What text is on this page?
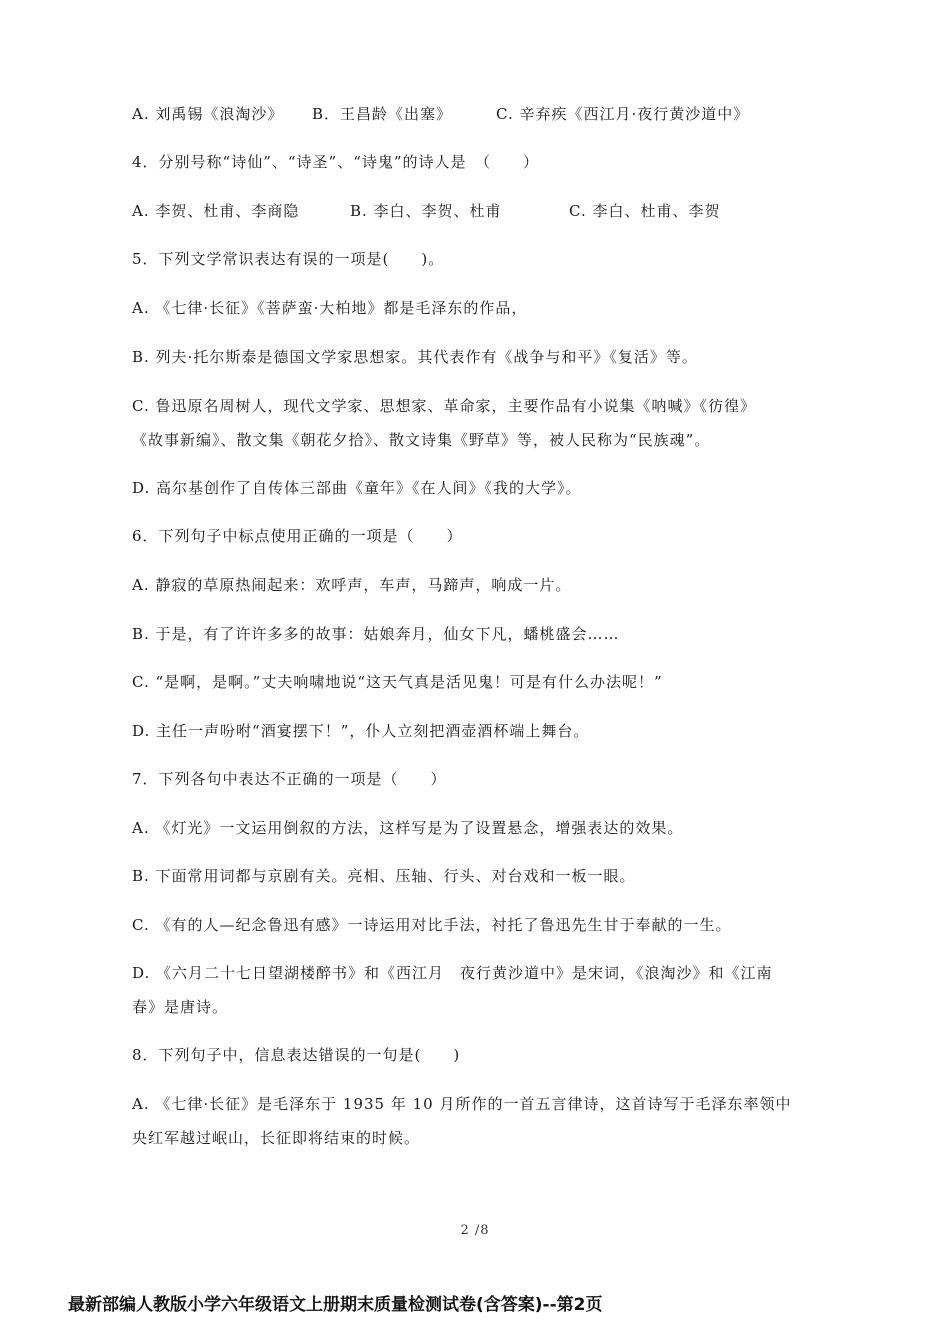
A. 刘禹锡《浪淘沙》 B．王昌龄《出塞》	C. 辛弃疾《西江月·夜行黄沙道中》
4．分别号称“诗仙”、“诗圣”、“诗鬼”的诗人是　（　　）
A. 李贺、杜甫、李商隐	B. 李白、李贺、杜甫	C. 李白、杜甫、李贺
5．下列文学常识表达有误的一项是(　　)。
A. 《七律·长征》《菩萨蛮·大柏地》都是毛泽东的作品，
B. 列夫·托尔斯泰是德国文学家思想家。其代表作有《战争与和平》《复活》等。
C. 鲁迅原名周树人，现代文学家、思想家、革命家，主要作品有小说集《呐喊》《彷徨》
《故事新编》、散文集《朝花夕拾》、散文诗集《野草》等，被人民称为“民族魂”。
D. 高尔基创作了自传体三部曲《童年》《在人间》《我的大学》。
6．下列句子中标点使用正确的一项是（　　）
A. 静寂的草原热闹起来：欢呼声，车声，马蹄声，响成一片。
B. 于是，有了许许多多的故事：姑娘奔月，仙女下凡，蟠桃盛会……
C. “是啊，是啊。”丈夫响啸地说“这天气真是活见鬼！可是有什么办法呢！”
D. 主任一声吩咐“酒宴摆下！”，仆人立刻把酒壶酒杯端上舞台。
7．下列各句中表达不正确的一项是（　　）
A. 《灯光》一文运用倒叙的方法，这样写是为了设置悬念，增强表达的效果。
B. 下面常用词都与京剧有关。亮相、压轴、行头、对台戏和一板一眼。
C. 《有的人—纪念鲁迅有感》一诗运用对比手法，衬托了鲁迅先生甘于奉献的一生。
D. 《六月二十七日望湖楼醉书》和《西江月　夜行黄沙道中》是宋词，《浪淘沙》和《江南
春》是唐诗。
8．下列句子中，信息表达错误的一句是(　　)
A. 《七律·长征》是毛泽东于 1935 年 10 月所作的一首五言律诗，这首诗写于毛泽东率领中
央红军越过岷山，长征即将结束的时候。
2 /8
最新部编人教版小学六年级语文上册期末质量检测试卷(含答案)--第2页
